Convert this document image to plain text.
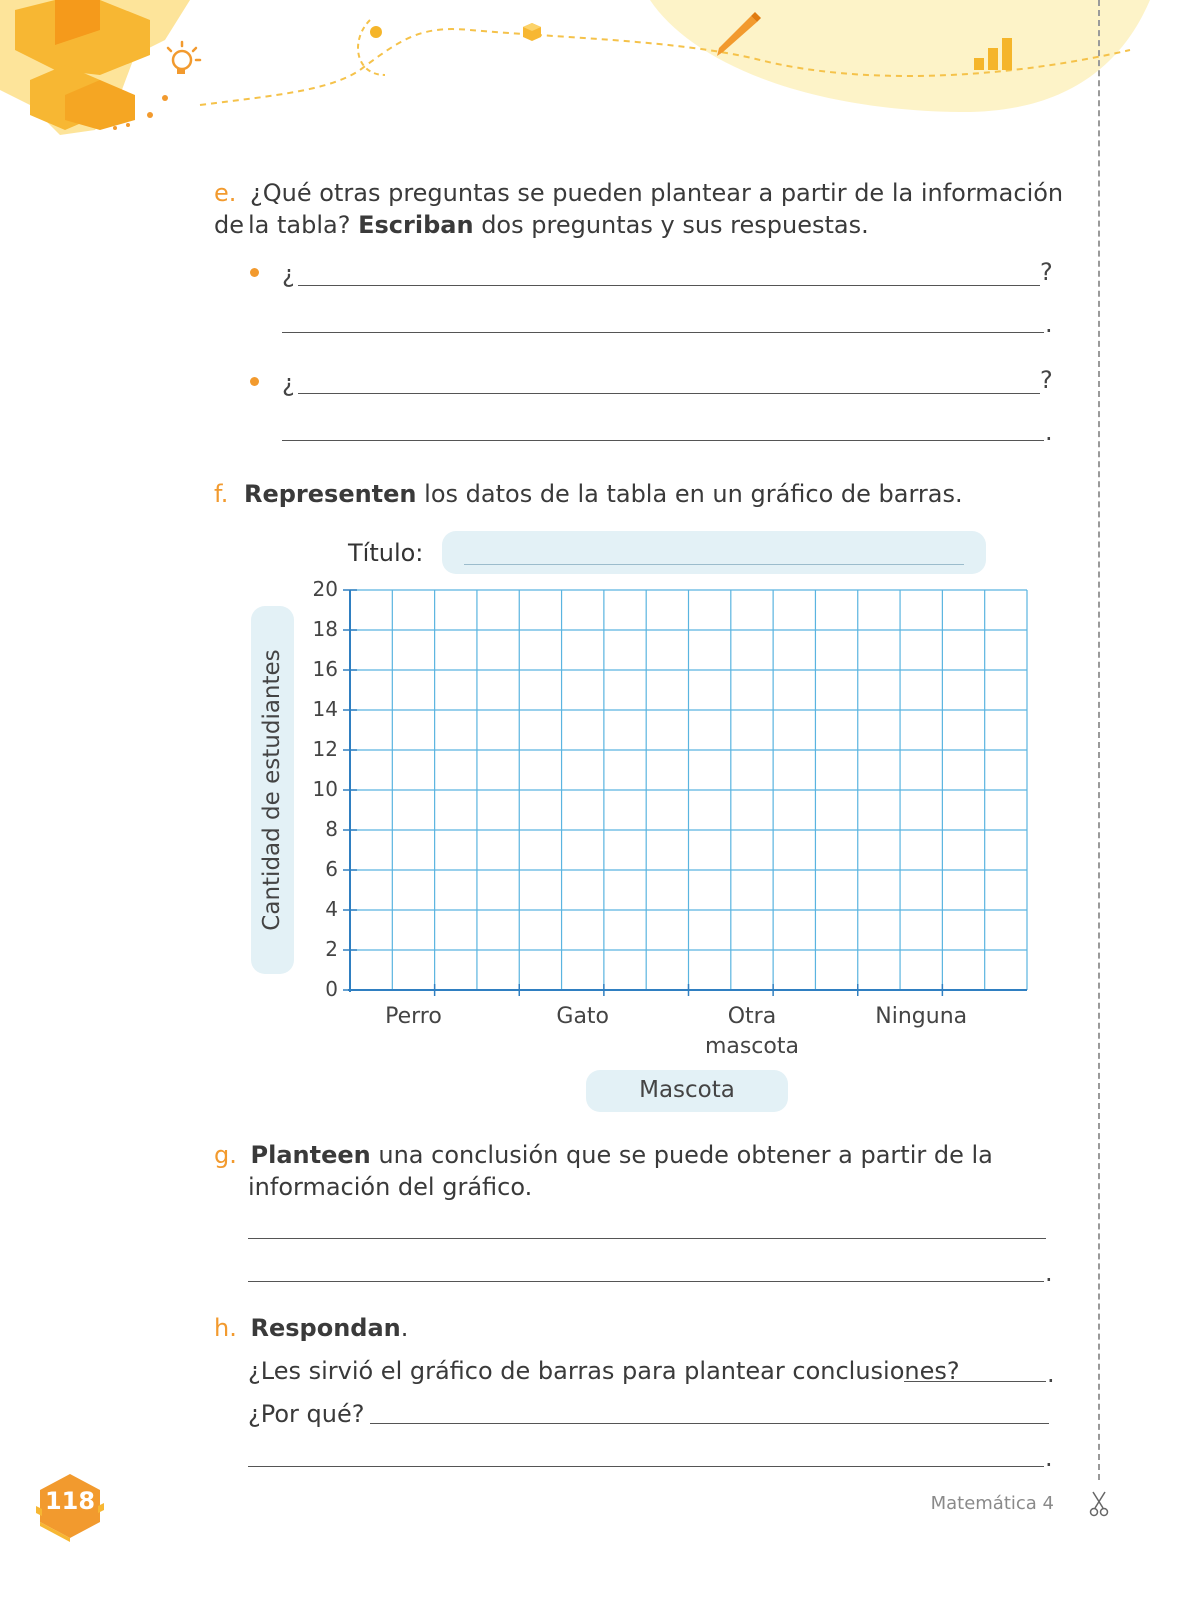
e. ¿Qué otras preguntas se pueden plantear a partir de la información de la tabla? Escriban dos preguntas y sus respuestas.
¿	?
.
¿	?
.
f. Representen los datos de la tabla en un gráfico de barras.
Título:
Cantidad de estudiantes
0
2
4
6
8
10
12
14
16
18
20
Perro	Gato	Otra
mascota
Ninguna
Mascota
g. Planteen una conclusión que se puede obtener a partir de la
información del gráfico.
.
h. Respondan.
¿Les sirvió el gráfico de barras para plantear conclusiones?	.
¿Por qué?
.
118	Matemática 4
